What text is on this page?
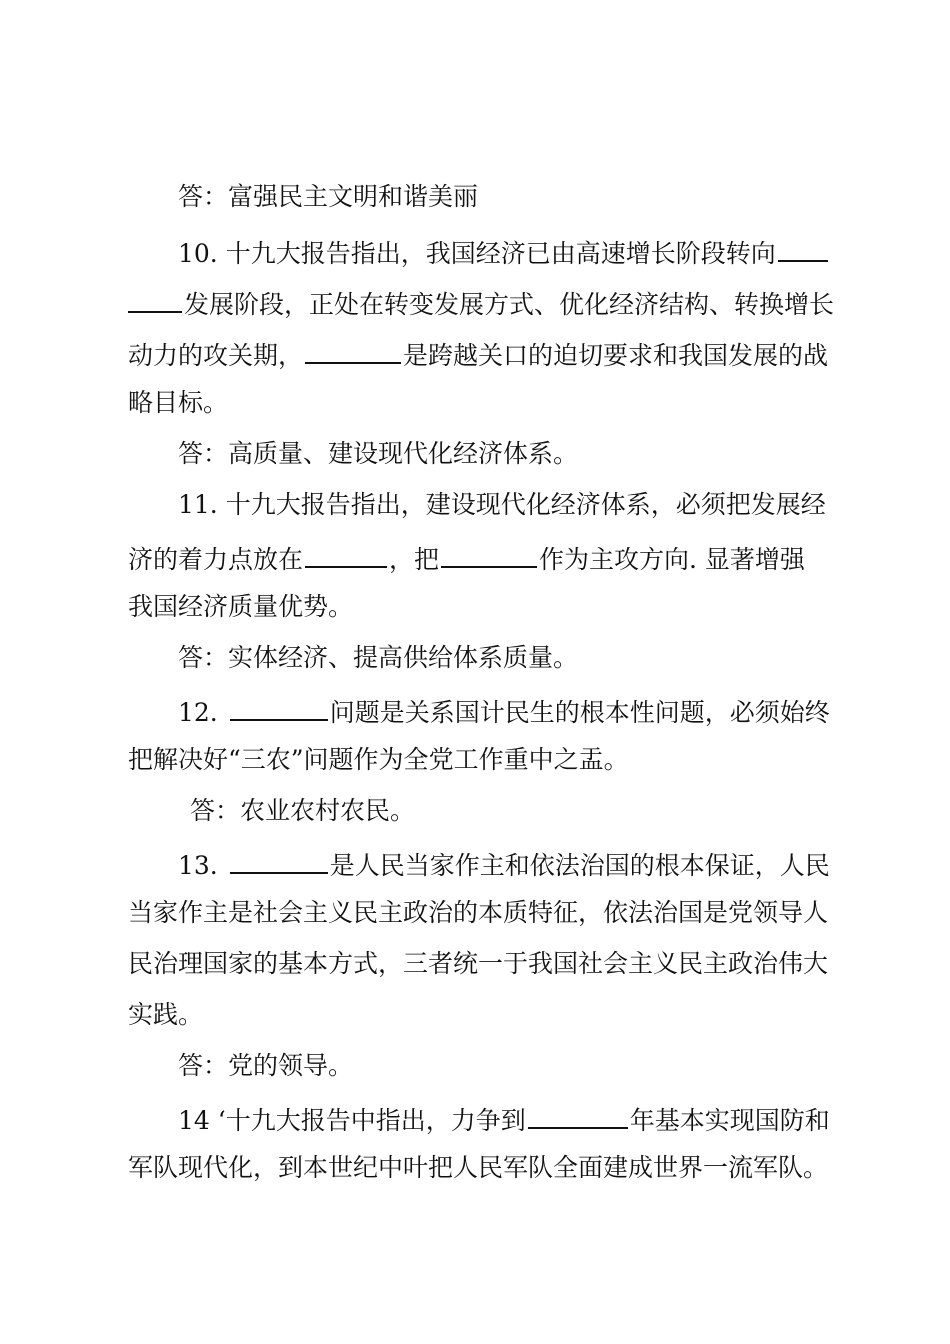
答：富强民主文明和谐美丽
10. 十九大报告指出，我国经济已由高速增长阶段转向
发展阶段，正处在转变发展方式、优化经济结构、转换增长
动力的攻关期，	是跨越关口的迫切要求和我国发展的战
略目标。
答：高质量、建设现代化经济体系。
11. 十九大报告指出，建设现代化经济体系，必须把发展经
济的着力点放在	，把	作为主攻方向. 显著增强
我国经济质量优势。
答：实体经济、提高供给体系质量。
12.	问题是关系国计民生的根本性问题，必须始终
把解决好“三农”问题作为全党工作重中之盂。
答：农业农村农民。
13.	是人民当家作主和依法治国的根本保证，人民
当家作主是社会主义民主政治的本质特征，依法治国是党领导人
民治理国家的基本方式，三者统一于我国社会主义民主政治伟大
实践。
答：党的领导。
14 ‘十九大报告中指出，力争到	年基本实现国防和
军队现代化，到本世纪中叶把人民军队全面建成世界一流军队。
